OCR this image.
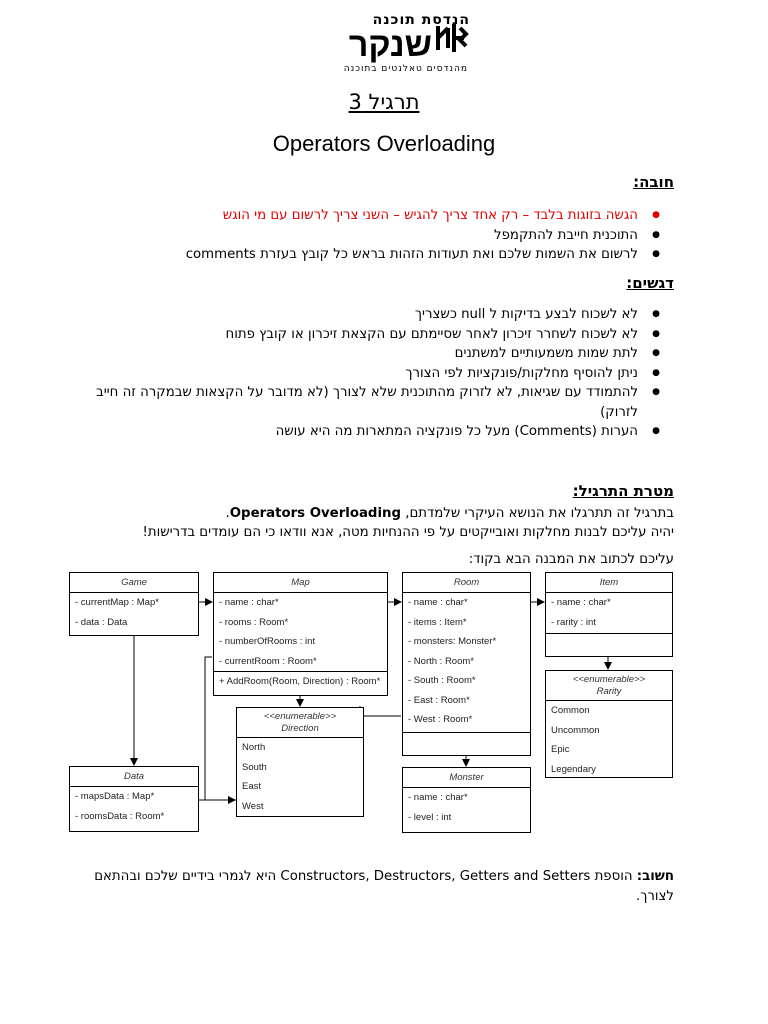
הנדסת תוכנה
שנקר
מהנדסים טאלנטים בתוכנה
תרגיל 3
Operators Overloading
חובה:
● הגשה בזוגות בלבד – רק אחד צריך להגיש – השני צריך לרשום עם מי הוגש
● התוכנית חייבת להתקמפל
● לרשום את השמות שלכם ואת תעודות הזהות בראש כל קובץ בעזרת comments
דגשים:
● לא לשכוח לבצע בדיקות ל null כשצריך
● לא לשכוח לשחרר זיכרון לאחר שסיימתם עם הקצאת זיכרון או קובץ פתוח
● לתת שמות משמעותיים למשתנים
● ניתן להוסיף מחלקות/פונקציות לפי הצורך
● להתמודד עם שגיאות, לא לזרוק מהתוכנית שלא לצורך (לא מדובר על הקצאות שבמקרה זה חייב לזרוק)
● הערות (Comments) מעל כל פונקציה המתארות מה היא עושה
מטרת התרגיל:
בתרגיל זה תתרגלו את הנושא העיקרי שלמדתם, Operators Overloading.
יהיה עליכם לבנות מחלקות ואובייקטים על פי ההנחיות מטה, אנא וודאו כי הם עומדים בדרישות!
עליכם לכתוב את המבנה הבא בקוד:
Game
- currentMap : Map*
- data : Data
Map
- name : char*
- rooms : Room*
- numberOfRooms : int
- currentRoom : Room*
+ AddRoom(Room, Direction) : Room*
Room
- name : char*
- items : Item*
- monsters: Monster*
- North : Room*
- South : Room*
- East : Room*
- West : Room*
Item
- name : char*
- rarity : int
<<enumerable>>
Rarity
Common
Uncommon
Epic
Legendary
<<enumerable>>
Direction
North
South
East
West
Data
- mapsData : Map*
- roomsData : Room*
Monster
- name : char*
- level : int
חשוב: הוספת Constructors, Destructors, Getters and Setters היא לגמרי בידיים שלכם ובהתאם לצורך.
